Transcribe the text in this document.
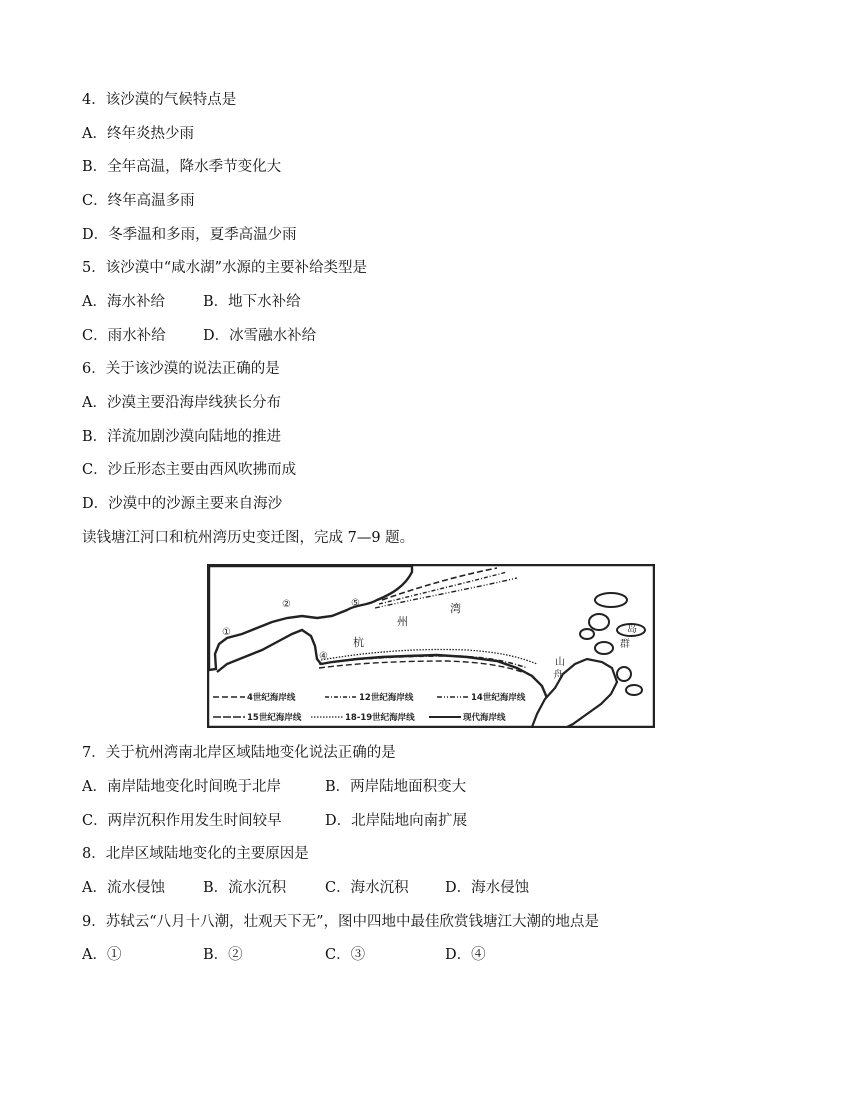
4．该沙漠的气候特点是
A．终年炎热少雨
B．全年高温，降水季节变化大
C．终年高温多雨
D．冬季温和多雨，夏季高温少雨
5．该沙漠中“咸水湖”水源的主要补给类型是
A．海水补给	B．地下水补给
C．雨水补给	D．冰雪融水补给
6．关于该沙漠的说法正确的是
A．沙漠主要沿海岸线狭长分布
B．洋流加剧沙漠向陆地的推进
C．沙丘形态主要由西风吹拂而成
D．沙漠中的沙源主要来自海沙
读钱塘江河口和杭州湾历史变迁图，完成 7—9 题。
州
湾
杭
岛
群
山
舟
①
②	⑤
④
4世纪海岸线	12世纪海岸线	14世纪海岸线
15世纪海岸线	18-19世纪海岸线	现代海岸线
7．关于杭州湾南北岸区域陆地变化说法正确的是
A．南岸陆地变化时间晚于北岸	B．两岸陆地面积变大
C．两岸沉积作用发生时间较早	D．北岸陆地向南扩展
8．北岸区域陆地变化的主要原因是
A．流水侵蚀	B．流水沉积	C．海水沉积	D．海水侵蚀
9．苏轼云“八月十八潮，壮观天下无”，图中四地中最佳欣赏钱塘江大潮的地点是
A．①	B．②	C．③	D．④
